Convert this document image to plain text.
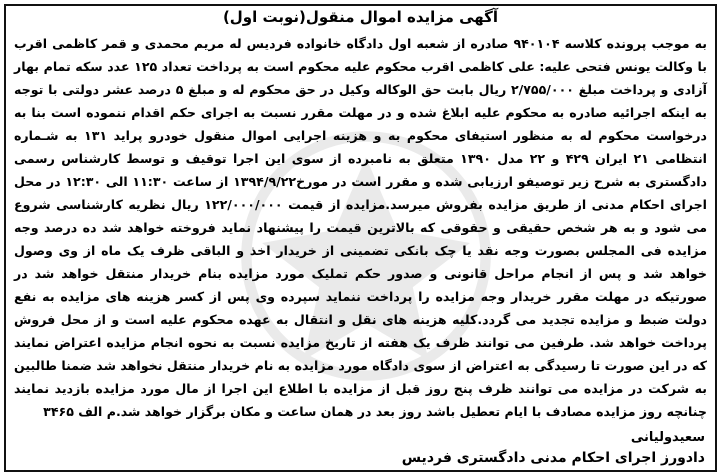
آگهی مزایده اموال منقول(نوبت اول)

به موجب پرونده کلاسه ۹۴۰۱۰۴ صادره از شعبه اول دادگاه خانواده فردیس له مریم محمدی و قمر کاظمی اقرب با وکالت یونس فتحی علیه: علی کاظمی اقرب محکوم علیه محکوم است به پرداخت تعداد ۱۲۵ عدد سکه تمام بهار آزادی و پرداخت مبلغ ۲/۷۵۵/۰۰۰ ریال بابت حق الوکاله وکیل در حق محکوم له و مبلغ ۵ درصد عشر دولتی با توجه به اینکه اجرائیه صادره به محکوم علیه ابلاغ شده و در مهلت مقرر نسبت به اجرای حکم اقدام ننموده است بنا به درخواست محکوم له به منظور استیفای محکوم به و هزینه اجرایی اموال منقول خودرو پراید ۱۳۱ به شـماره انتظامی ۲۱ ایران ۴۲۹ و ۲۲ مدل ۱۳۹۰ متعلق به نامبرده از سوی این اجرا توقیف و توسط کارشناس رسمی دادگستری به شرح زیر توصیفو ارزیابی شده و مقرر است در مورخ۱۳۹۴/۹/۲۲ از ساعت ۱۱:۳۰ الی ۱۲:۳۰ در محل اجرای احکام مدنی از طریق مزایده بفروش میرسد.مزایده از قیمت ۱۲۲/۰۰۰/۰۰۰ ریال نظریه کارشناسی شروع می شود و به هر شخص حقیقی و حقوقی که بالاترین قیمت را پیشنهاد نماید فروخته خواهد شد ده درصد وجه مزایده فی المجلس بصورت وجه نقد یا چک بانکی تضمینی از خریدار اخذ و الباقی ظرف یک ماه از وی وصول خواهد شد و پس از انجام مراحل قانونی و صدور حکم تملیک مورد مزایده بنام خریدار منتقل خواهد شد در صورتیکه در مهلت مقرر خریدار وجه مزایده را پرداخت ننماید سپرده وی پس از کسر هزینه های مزایده به نفع دولت ضبط و مزایده تجدید می گردد.کلیه هزینه های نقل و انتقال به عهده محکوم علیه است و از محل فروش پرداخت خواهد شد. طرفین می توانند ظرف یک هفته از تاریخ مزایده نسبت به نحوه انجام مزایده اعتراض نمایند که در این صورت تا رسیدگی به اعتراض از سوی دادگاه مورد مزایده به نام خریدار منتقل نخواهد شد ضمنا طالبین به شرکت در مزایده می توانند ظرف پنج روز قبل از مزایده با اطلاع این اجرا از مال مورد مزایده بازدید نمایند چنانچه روز مزایده مصادف با ایام تعطیل باشد روز بعد در همان ساعت و مکان برگزار خواهد شد.م الف ۳۴۶۵

سعیدولیانی
دادورز اجرای احکام مدنی دادگستری فردیس
